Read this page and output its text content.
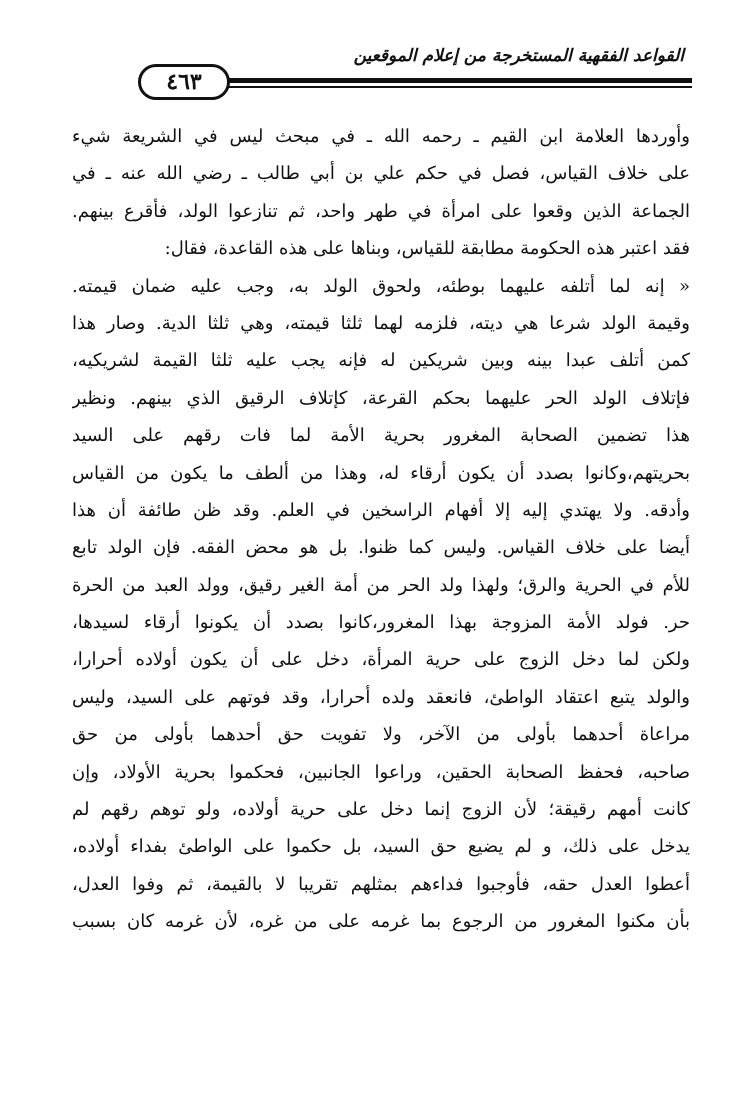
القواعد الفقهية المستخرجة من إعلام الموقعين
٤٦٣
وأوردها العلامة ابن القيم ـ رحمه الله ـ في مبحث ليس في الشريعة شيء
على خلاف القياس، فصل في حكم علي بن أبي طالب ـ رضي الله عنه ـ في
الجماعة الذين وقعوا على امرأة في طهر واحد، ثم تنازعوا الولد، فأقرع بينهم.
فقد اعتبر هذه الحكومة مطابقة للقياس، وبناها على هذه القاعدة، فقال:
« إنه لما أتلفه عليهما بوطئه، ولحوق الولد به، وجب عليه ضمان قيمته.
وقيمة الولد شرعا هي ديته، فلزمه لهما ثلثا قيمته، وهي ثلثا الدية. وصار هذا
كمن أتلف عبدا بينه وبين شريكين له فإنه يجب عليه ثلثا القيمة لشريكيه،
فإتلاف الولد الحر عليهما بحكم القرعة، كإتلاف الرقيق الذي بينهم. ونظير
هذا تضمين الصحابة المغرور بحرية الأمة لما فات رقهم على السيد
بحريتهم،وكانوا بصدد أن يكون أرقاء له، وهذا من ألطف ما يكون من القياس
وأدقه. ولا يهتدي إليه إلا أفهام الراسخين في العلم. وقد ظن طائفة أن هذا
أيضا على خلاف القياس. وليس كما ظنوا. بل هو محض الفقه. فإن الولد تابع
للأم في الحرية والرق؛ ولهذا ولد الحر من أمة الغير رقيق، وولد العبد من الحرة
حر. فولد الأمة المزوجة بهذا المغرور،كانوا بصدد أن يكونوا أرقاء لسيدها،
ولكن لما دخل الزوج على حرية المرأة، دخل على أن يكون أولاده أحرارا،
والولد يتبع اعتقاد الواطئ، فانعقد ولده أحرارا، وقد فوتهم على السيد، وليس
مراعاة أحدهما بأولى من الآخر، ولا تفويت حق أحدهما بأولى من حق
صاحبه، فحفظ الصحابة الحقين، وراعوا الجانبين، فحكموا بحرية الأولاد، وإن
كانت أمهم رقيقة؛ لأن الزوج إنما دخل على حرية أولاده، ولو توهم رقهم لم
يدخل على ذلك، و لم يضيع حق السيد، بل حكموا على الواطئ بفداء أولاده،
أعطوا العدل حقه، فأوجبوا فداءهم بمثلهم تقريبا لا بالقيمة، ثم وفوا العدل،
بأن مكنوا المغرور من الرجوع بما غرمه على من غره، لأن غرمه كان بسبب
